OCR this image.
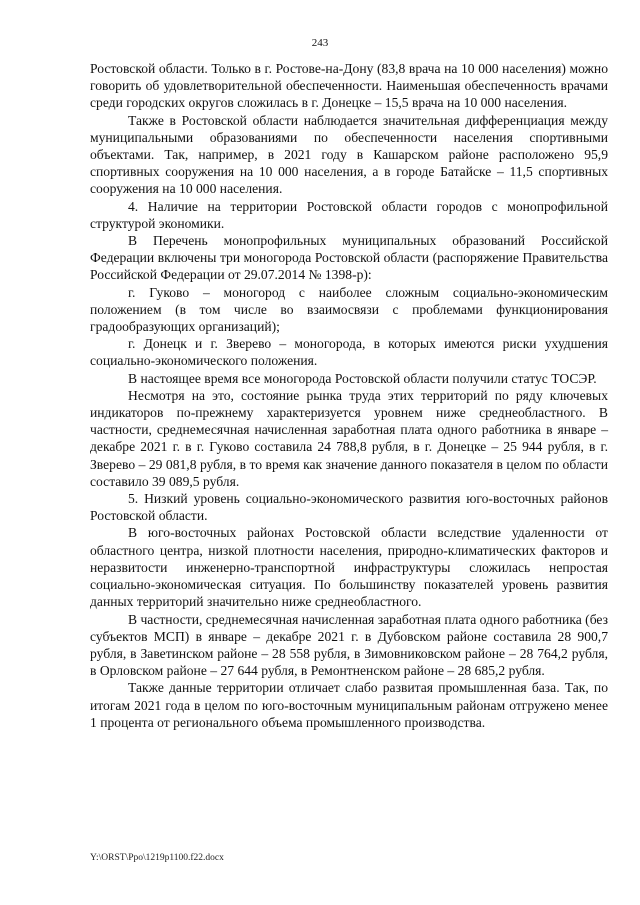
243

Ростовской области. Только в г. Ростове-на-Дону (83,8 врача на 10 000 населения) можно говорить об удовлетворительной обеспеченности. Наименьшая обеспеченность врачами среди городских округов сложилась в г. Донецке – 15,5 врача на 10 000 населения.

Также в Ростовской области наблюдается значительная дифференциация между муниципальными образованиями по обеспеченности населения спортивными объектами. Так, например, в 2021 году в Кашарском районе расположено 95,9 спортивных сооружения на 10 000 населения, а в городе Батайске – 11,5 спортивных сооружения на 10 000 населения.

4. Наличие на территории Ростовской области городов с монопрофильной структурой экономики.

В Перечень монопрофильных муниципальных образований Российской Федерации включены три моногорода Ростовской области (распоряжение Правительства Российской Федерации от 29.07.2014 № 1398-р):

г. Гуково – моногород с наиболее сложным социально-экономическим положением (в том числе во взаимосвязи с проблемами функционирования градообразующих организаций);

г. Донецк и г. Зверево – моногорода, в которых имеются риски ухудшения социально-экономического положения.

В настоящее время все моногорода Ростовской области получили статус ТОСЭР.

Несмотря на это, состояние рынка труда этих территорий по ряду ключевых индикаторов по-прежнему характеризуется уровнем ниже среднеобластного. В частности, среднемесячная начисленная заработная плата одного работника в январе – декабре 2021 г. в г. Гуково составила 24 788,8 рубля, в г. Донецке – 25 944 рубля, в г. Зверево – 29 081,8 рубля, в то время как значение данного показателя в целом по области составило 39 089,5 рубля.

5. Низкий уровень социально-экономического развития юго-восточных районов Ростовской области.

В юго-восточных районах Ростовской области вследствие удаленности от областного центра, низкой плотности населения, природно-климатических факторов и неразвитости инженерно-транспортной инфраструктуры сложилась непростая социально-экономическая ситуация. По большинству показателей уровень развития данных территорий значительно ниже среднеобластного.

В частности, среднемесячная начисленная заработная плата одного работника (без субъектов МСП) в январе – декабре 2021 г. в Дубовском районе составила 28 900,7 рубля, в Заветинском районе – 28 558 рубля, в Зимовниковском районе – 28 764,2 рубля, в Орловском районе – 27 644 рубля, в Ремонтненском районе – 28 685,2 рубля.

Также данные территории отличает слабо развитая промышленная база. Так, по итогам 2021 года в целом по юго-восточным муниципальным районам отгружено менее 1 процента от регионального объема промышленного производства.

Y:\ORST\Ppo\1219p1100.f22.docx
